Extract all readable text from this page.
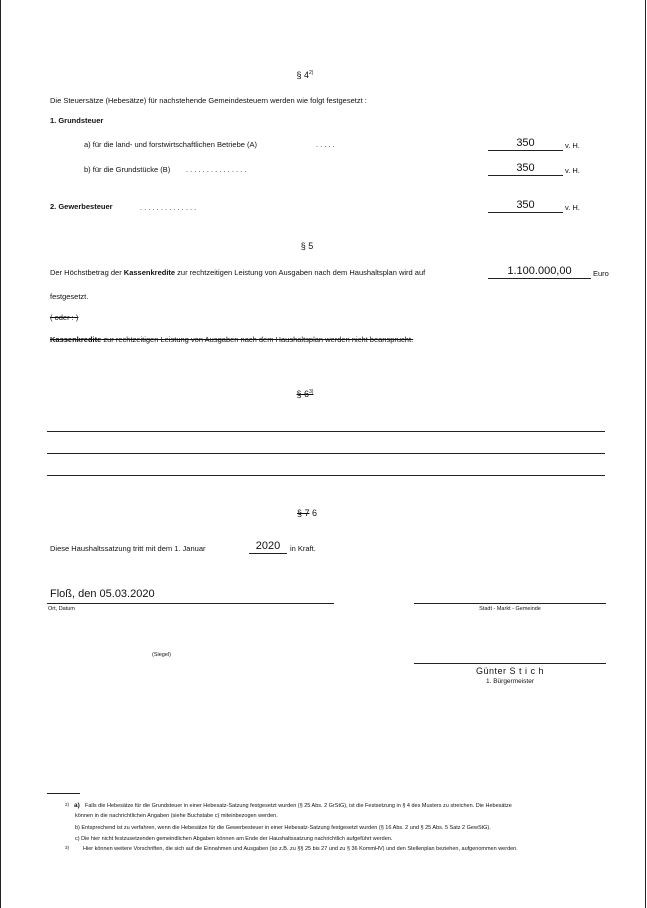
§ 4$^{2)}$
Die Steuersätze (Hebesätze) für nachstehende Gemeindesteuern werden wie folgt festgesetzt :
1. Grundsteuer
a) für die land- und forstwirtschaftlichen Betriebe (A)	. . . . .	350	v. H.
b) für die Grundstücke (B) . . . . . . . . . . . . . . .	350	v. H.
2. Gewerbesteuer	. . . . . . . . . . . . . .	350	v. H.
§ 5
Der Höchstbetrag der Kassenkredite zur rechtzeitigen Leistung von Ausgaben nach dem Haushaltsplan wird auf	1.100.000,00	Euro
festgesetzt.
( oder : )
Kassenkredite zur rechtzeitigen Leistung von Ausgaben nach dem Haushaltsplan werden nicht beansprucht.
§ 6$^{3)}$
§ 7 6
Diese Haushaltssatzung tritt mit dem 1. Januar	2020	in Kraft.
Floß, den 05.03.2020
Ort, Datum	Stadt - Markt - Gemeinde
(Siegel)
Günter S t i c h
1. Bürgermeister
2) a) Falls die Hebesätze für die Grundsteuer in einer Hebesatz-Satzung festgesetzt wurden (§ 25 Abs. 2 GrStG), ist die Festsetzung in § 4 des Musters zu streichen. Die Hebesätze
können in die nachrichtlichen Angaben (siehe Buchstabe c) miteinbezogen werden.
b) Entsprechend ist zu verfahren, wenn die Hebesätze für die Gewerbesteuer in einer Hebesatz-Satzung festgesetzt wurden (§ 16 Abs. 2 und § 25 Abs. 5 Satz 2 GewStG).
c) Die hier nicht festzusetzenden gemeindlichen Abgaben können am Ende der Haushaltssatzung nachrichtlich aufgeführt werden.
3)	Hier können weitere Vorschriften, die sich auf die Einnahmen und Ausgaben (so z.B. zu §§ 25 bis 27 und zu § 36 KommHV) und den Stellenplan beziehen, aufgenommen werden.
